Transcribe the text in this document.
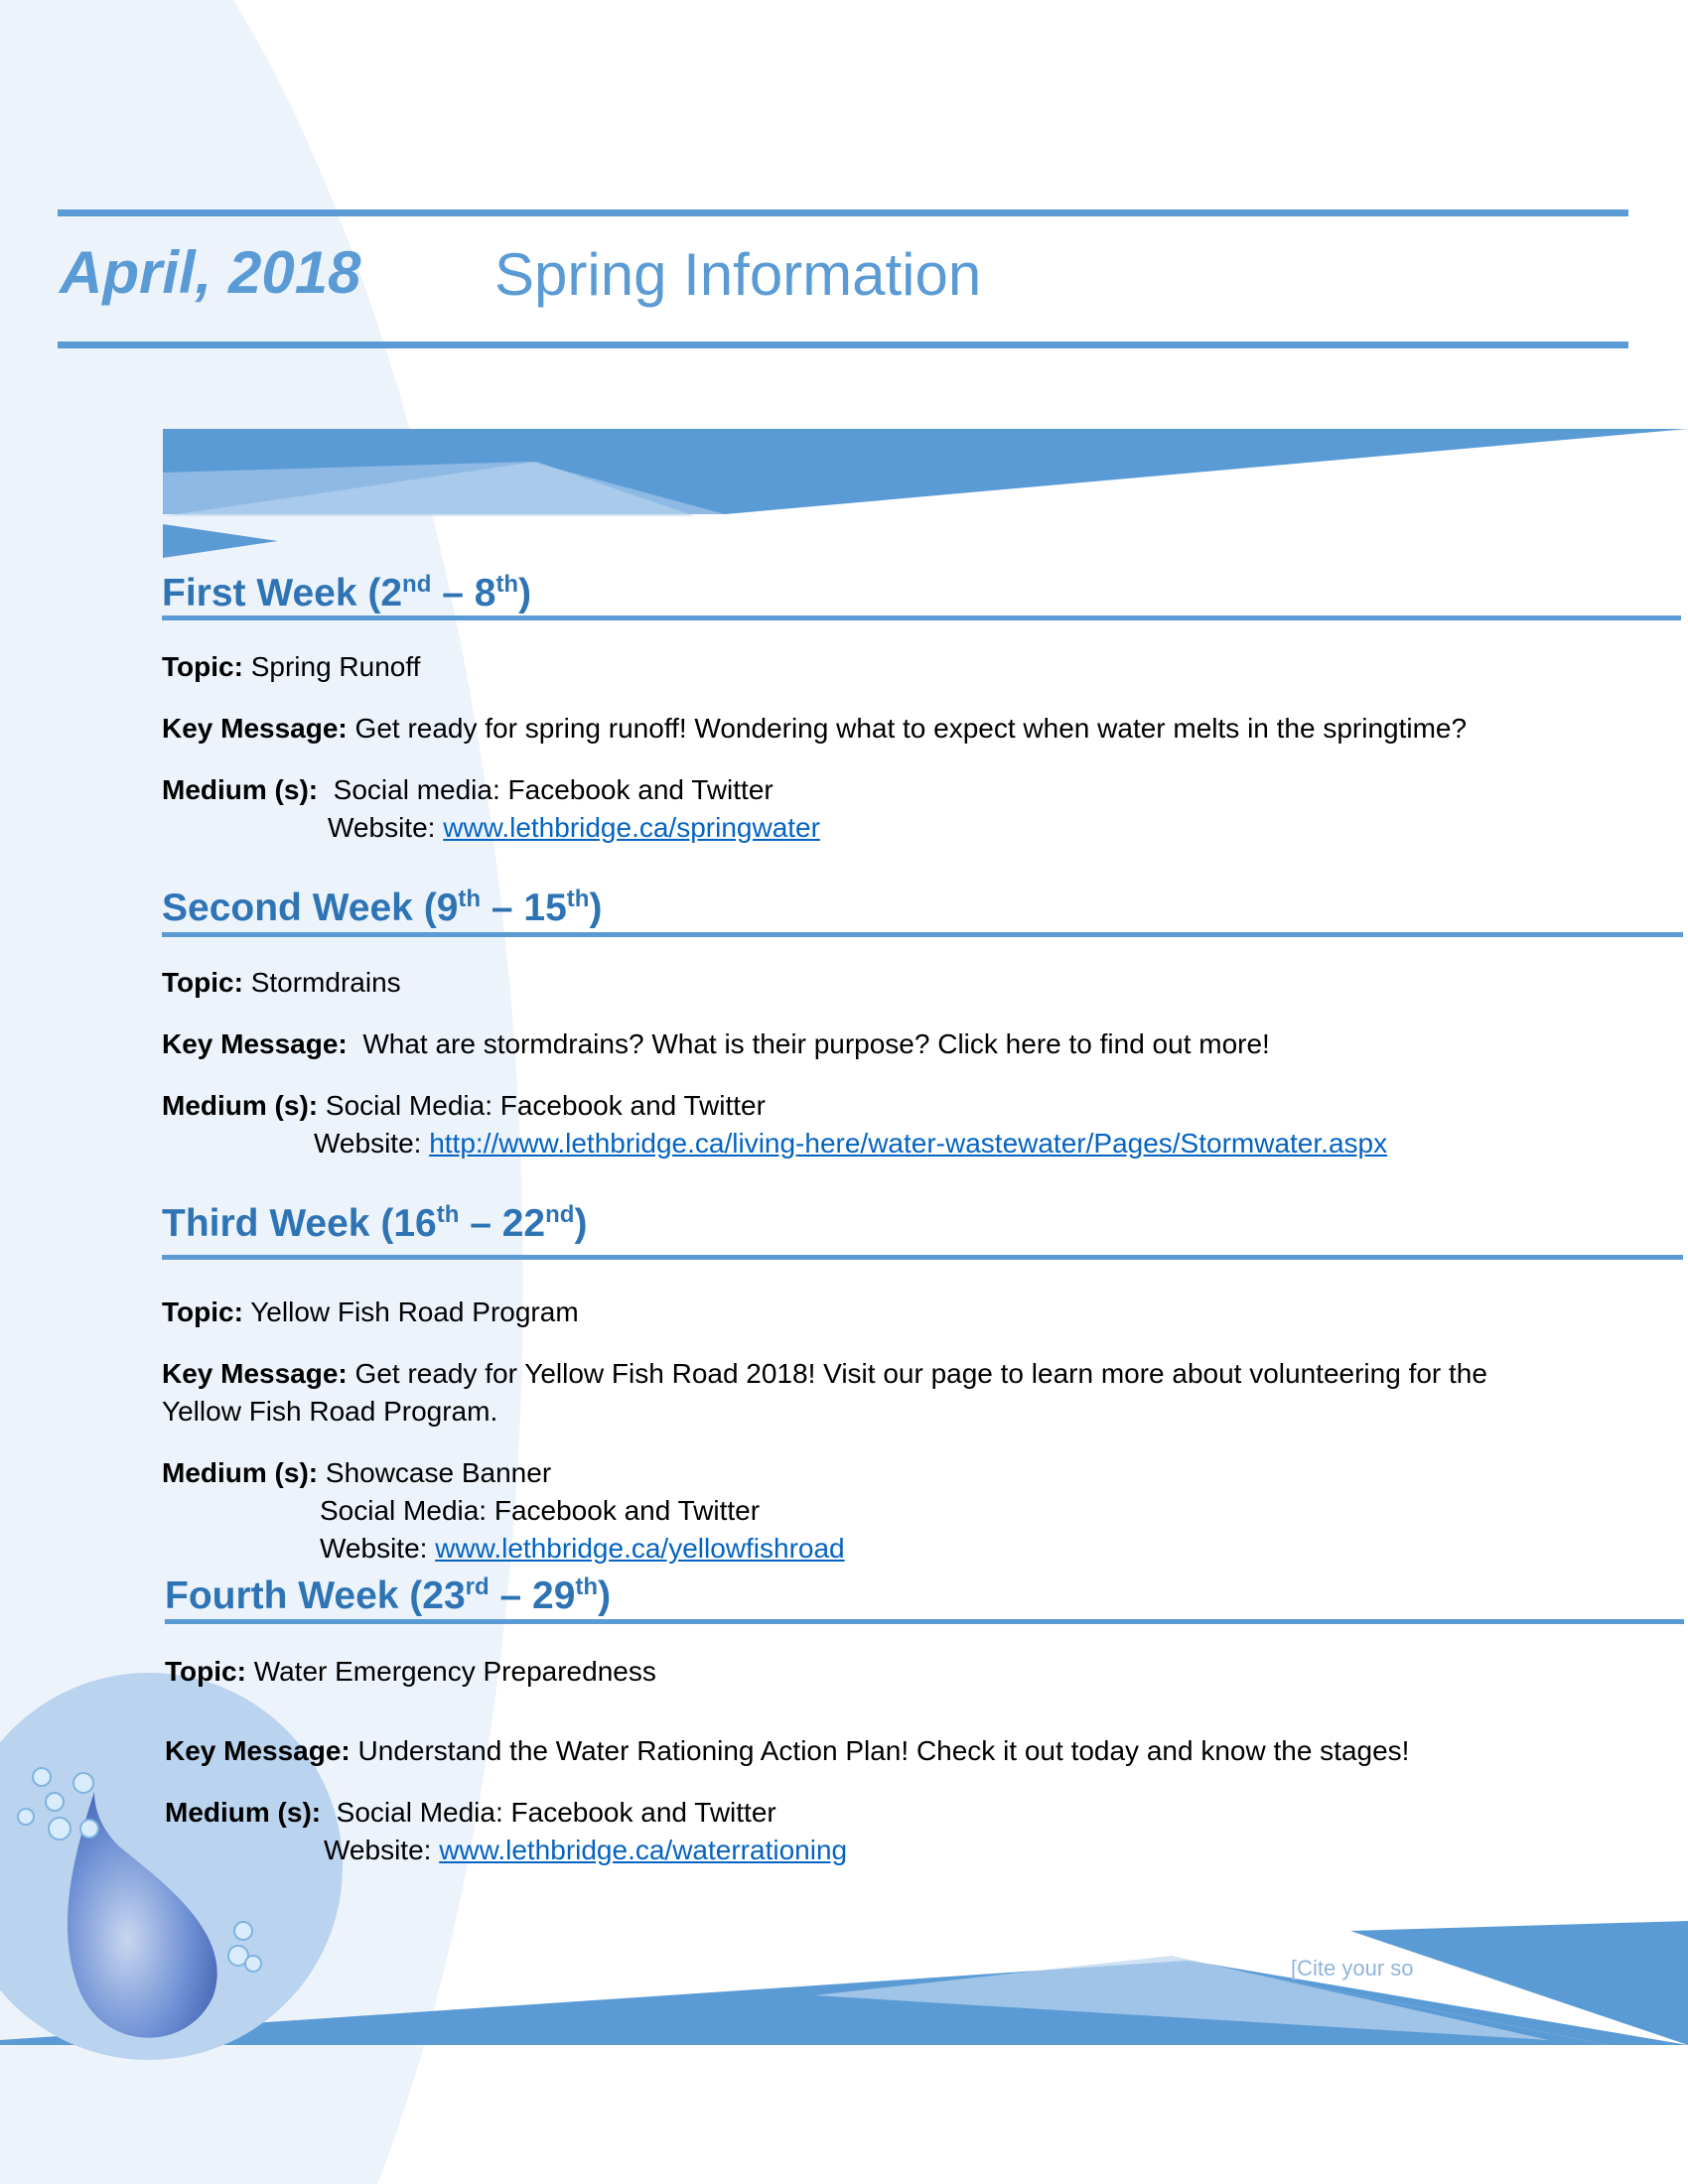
April, 2018 Spring Information
First Week (2nd – 8th)
Topic: Spring Runoff
Key Message: Get ready for spring runoff! Wondering what to expect when water melts in the springtime?
Medium (s):  Social media: Facebook and Twitter
Website: www.lethbridge.ca/springwater
Second Week (9th – 15th)
Topic: Stormdrains
Key Message:  What are stormdrains? What is their purpose? Click here to find out more!
Medium (s): Social Media: Facebook and Twitter
Website: http://www.lethbridge.ca/living-here/water-wastewater/Pages/Stormwater.aspx
Third Week (16th – 22nd)
Topic: Yellow Fish Road Program
Key Message: Get ready for Yellow Fish Road 2018! Visit our page to learn more about volunteering for the
Yellow Fish Road Program.
Medium (s): Showcase Banner
Social Media: Facebook and Twitter
Website: www.lethbridge.ca/yellowfishroad
Fourth Week (23rd – 29th)
Topic: Water Emergency Preparedness
Key Message: Understand the Water Rationing Action Plan! Check it out today and know the stages!
Medium (s):  Social Media: Facebook and Twitter
Website: www.lethbridge.ca/waterrationing
[Cite your so
